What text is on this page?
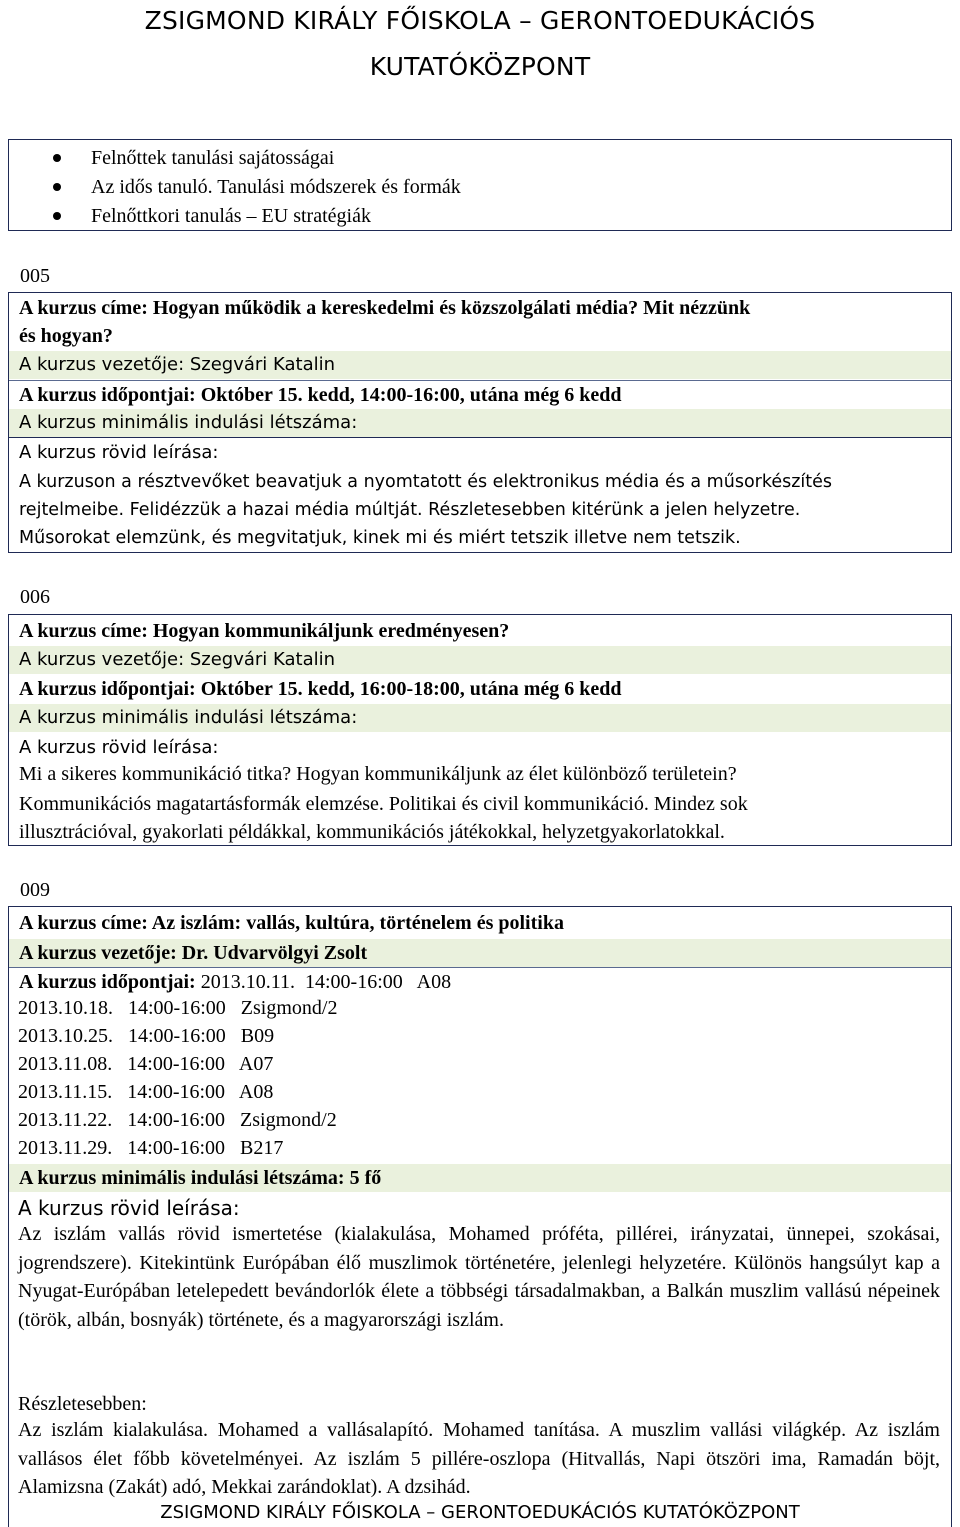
ZSIGMOND KIRÁLY FŐISKOLA – GERONTOEDUKÁCIÓS
KUTATÓKÖZPONT
Felnőttek tanulási sajátosságai
Az idős tanuló. Tanulási módszerek és formák
Felnőttkori tanulás – EU stratégiák
005
A kurzus címe: Hogyan működik a kereskedelmi és közszolgálati média? Mit nézzünk
és hogyan?
A kurzus vezetője: Szegvári Katalin
A kurzus időpontjai: Október 15. kedd, 14:00-16:00, utána még 6 kedd
A kurzus minimális indulási létszáma:
A kurzus rövid leírása:
A kurzuson a résztvevőket beavatjuk a nyomtatott és elektronikus média és a műsorkészítés
rejtelmeibe. Felidézzük a hazai média múltját. Részletesebben kitérünk a jelen helyzetre.
Műsorokat elemzünk, és megvitatjuk, kinek mi és miért tetszik illetve nem tetszik.
006
A kurzus címe: Hogyan kommunikáljunk eredményesen?
A kurzus vezetője: Szegvári Katalin
A kurzus időpontjai: Október 15. kedd, 16:00-18:00, utána még 6 kedd
A kurzus minimális indulási létszáma:
A kurzus rövid leírása:
Mi a sikeres kommunikáció titka? Hogyan kommunikáljunk az élet különböző területein?
Kommunikációs magatartásformák elemzése. Politikai és civil kommunikáció. Mindez sok
illusztrációval, gyakorlati példákkal, kommunikációs játékokkal, helyzetgyakorlatokkal.
009
A kurzus címe: Az iszlám: vallás, kultúra, történelem és politika
A kurzus vezetője: Dr. Udvarvölgyi Zsolt
A kurzus időpontjai: 2013.10.11.  14:00-16:00   A08
2013.10.18.   14:00-16:00   Zsigmond/2
2013.10.25.   14:00-16:00   B09
2013.11.08.   14:00-16:00   A07
2013.11.15.   14:00-16:00   A08
2013.11.22.   14:00-16:00   Zsigmond/2
2013.11.29.   14:00-16:00   B217
A kurzus minimális indulási létszáma: 5 fő
A kurzus rövid leírása:
Az iszlám vallás rövid ismertetése (kialakulása, Mohamed próféta, pillérei, irányzatai, ünnepei, szokásai, jogrendszere). Kitekintünk Európában élő muszlimok történetére, jelenlegi helyzetére. Különös hangsúlyt kap a Nyugat-Európában letelepedett bevándorlók élete a többségi társadalmakban, a Balkán muszlim vallású népeinek (török, albán, bosnyák) története, és a magyarországi iszlám.
Részletesebben:
Az iszlám kialakulása. Mohamed a vallásalapító. Mohamed tanítása. A muszlim vallási világkép. Az iszlám vallásos élet főbb követelményei. Az iszlám 5 pillére-oszlopa (Hitvallás, Napi ötszöri ima, Ramadán böjt, Alamizsna (Zakát) adó, Mekkai zarándoklat). A dzsihád.
ZSIGMOND KIRÁLY FŐISKOLA – GERONTOEDUKÁCIÓS KUTATÓKÖZPONT
